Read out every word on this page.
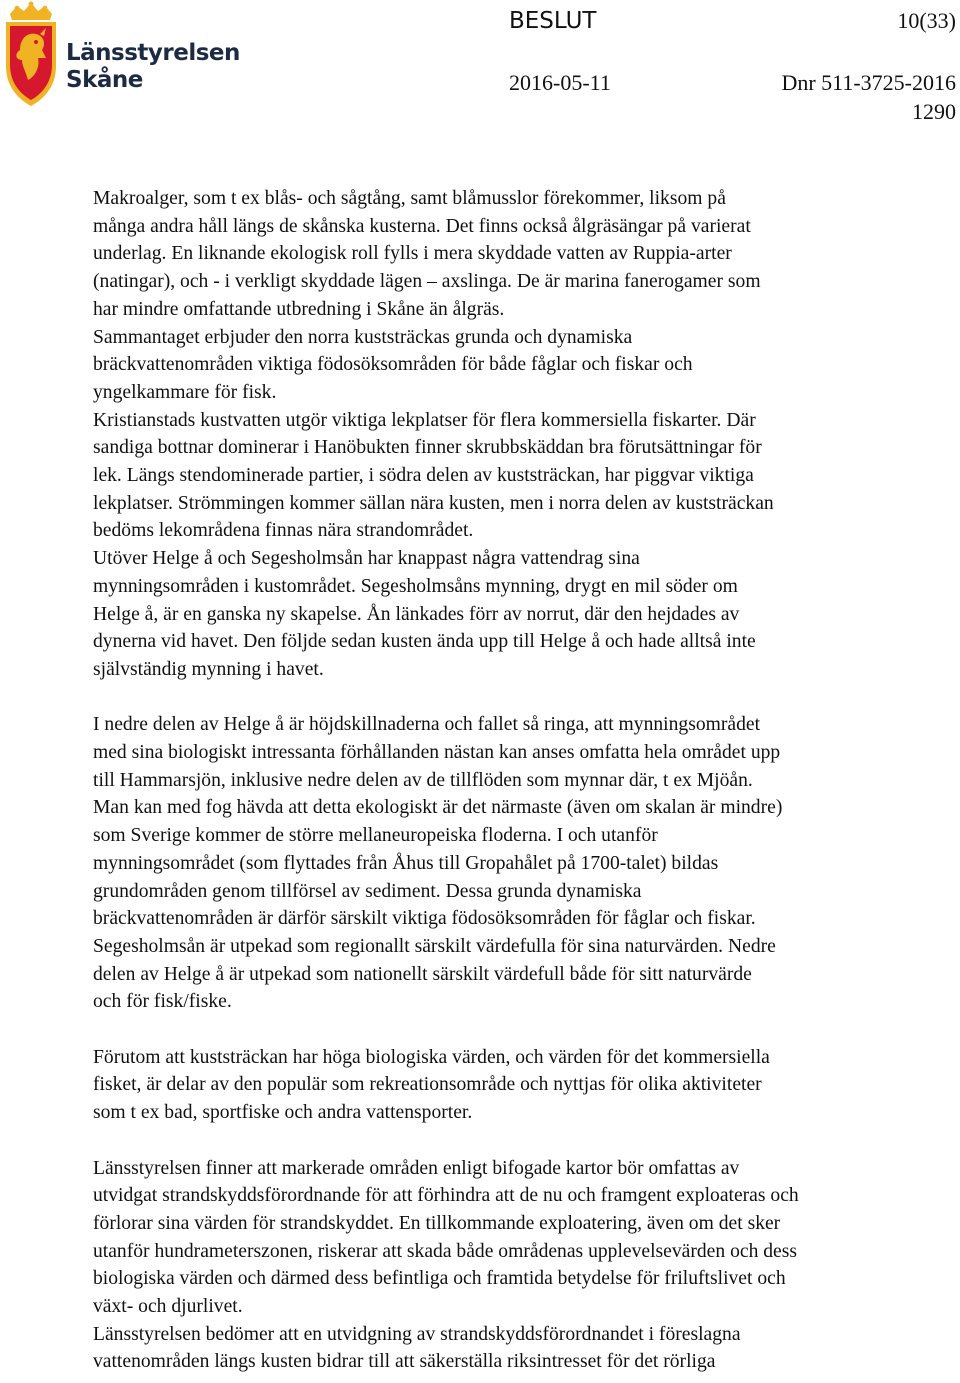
Länsstyrelsen
Skåne
BESLUT	10(33)
2016-05-11	Dnr 511-3725-2016
1290
Makroalger, som t ex blås- och sågtång, samt blåmusslor förekommer, liksom på
många andra håll längs de skånska kusterna. Det finns också ålgräsängar på varierat
underlag. En liknande ekologisk roll fylls i mera skyddade vatten av Ruppia-arter
(natingar), och - i verkligt skyddade lägen – axslinga. De är marina fanerogamer som
har mindre omfattande utbredning i Skåne än ålgräs.
Sammantaget erbjuder den norra kuststräckas grunda och dynamiska
bräckvattenområden viktiga födosöksområden för både fåglar och fiskar och
yngelkammare för fisk.
Kristianstads kustvatten utgör viktiga lekplatser för flera kommersiella fiskarter. Där
sandiga bottnar dominerar i Hanöbukten finner skrubbskäddan bra förutsättningar för
lek. Längs stendominerade partier, i södra delen av kuststräckan, har piggvar viktiga
lekplatser. Strömmingen kommer sällan nära kusten, men i norra delen av kuststräckan
bedöms lekområdena finnas nära strandområdet.
Utöver Helge å och Segesholmsån har knappast några vattendrag sina
mynningsområden i kustområdet. Segesholmsåns mynning, drygt en mil söder om
Helge å, är en ganska ny skapelse. Ån länkades förr av norrut, där den hejdades av
dynerna vid havet. Den följde sedan kusten ända upp till Helge å och hade alltså inte
självständig mynning i havet.
I nedre delen av Helge å är höjdskillnaderna och fallet så ringa, att mynningsområdet
med sina biologiskt intressanta förhållanden nästan kan anses omfatta hela området upp
till Hammarsjön, inklusive nedre delen av de tillflöden som mynnar där, t ex Mjöån.
Man kan med fog hävda att detta ekologiskt är det närmaste (även om skalan är mindre)
som Sverige kommer de större mellaneuropeiska floderna. I och utanför
mynningsområdet (som flyttades från Åhus till Gropahålet på 1700-talet) bildas
grundområden genom tillförsel av sediment. Dessa grunda dynamiska
bräckvattenområden är därför särskilt viktiga födosöksområden för fåglar och fiskar.
Segesholmsån är utpekad som regionallt särskilt värdefulla för sina naturvärden. Nedre
delen av Helge å är utpekad som nationellt särskilt värdefull både för sitt naturvärde
och för fisk/fiske.
Förutom att kuststräckan har höga biologiska värden, och värden för det kommersiella
fisket, är delar av den populär som rekreationsområde och nyttjas för olika aktiviteter
som t ex bad, sportfiske och andra vattensporter.
Länsstyrelsen finner att markerade områden enligt bifogade kartor bör omfattas av
utvidgat strandskyddsförordnande för att förhindra att de nu och framgent exploateras och
förlorar sina värden för strandskyddet. En tillkommande exploatering, även om det sker
utanför hundrameterszonen, riskerar att skada både områdenas upplevelsevärden och dess
biologiska värden och därmed dess befintliga och framtida betydelse för friluftslivet och
växt- och djurlivet.
Länsstyrelsen bedömer att en utvidgning av strandskyddsförordnandet i föreslagna
vattenområden längs kusten bidrar till att säkerställa riksintresset för det rörliga
